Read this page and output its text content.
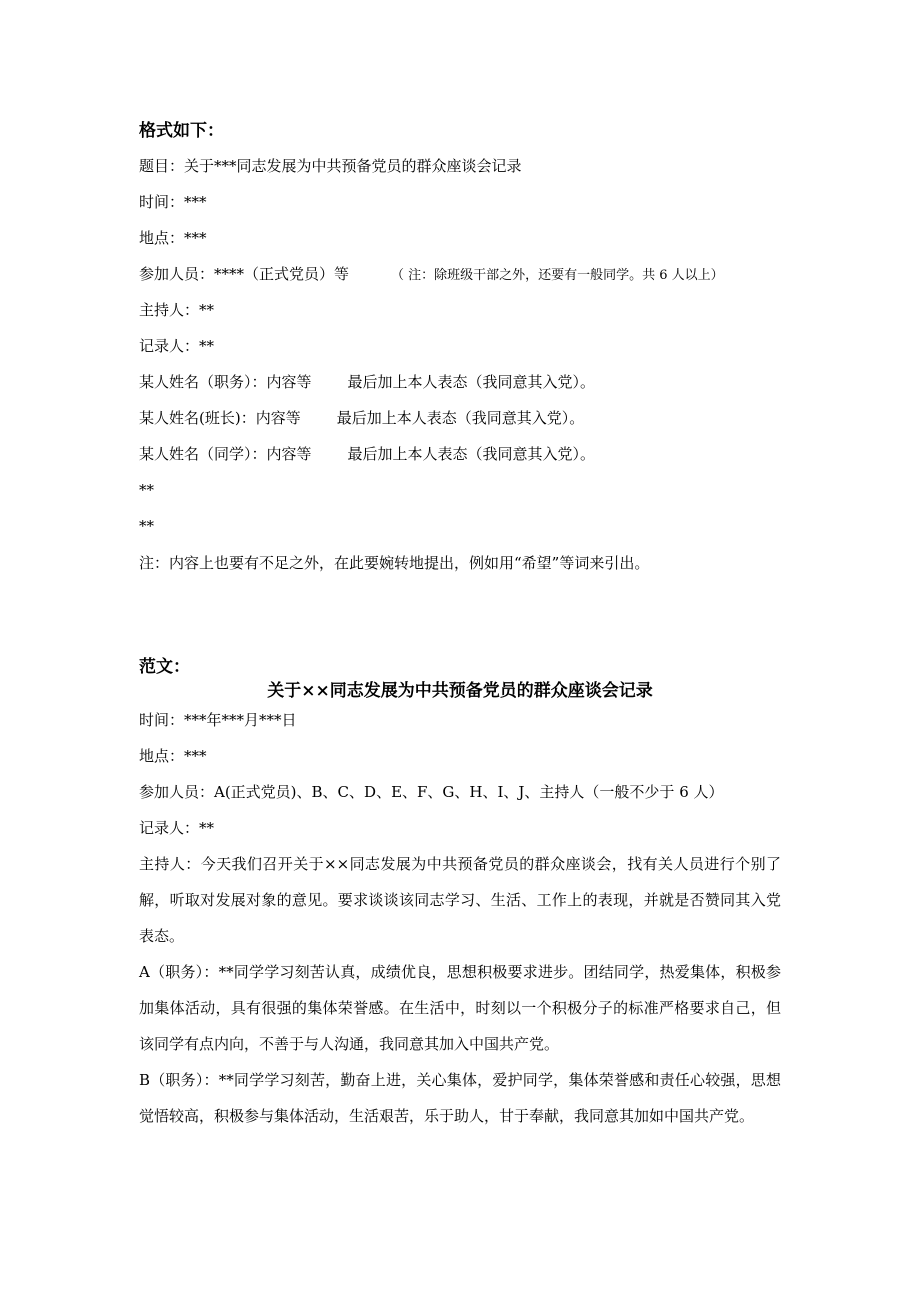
格式如下：
题目：关于***同志发展为中共预备党员的群众座谈会记录
时间：***
地点：***
参加人员：****（正式党员）等	（ 注：除班级干部之外，还要有一般同学。共 6 人以上）
主持人：**
记录人：**
某人姓名（职务）：内容等 最后加上本人表态（我同意其入党）。
某人姓名(班长)：内容等 最后加上本人表态（我同意其入党）。
某人姓名（同学）：内容等 最后加上本人表态（我同意其入党）。
**
**
注：内容上也要有不足之外，在此要婉转地提出，例如用“希望”等词来引出。
范文：
关于××同志发展为中共预备党员的群众座谈会记录
时间：***年***月***日
地点：***
参加人员：A(正式党员)、B、C、D、E、F、G、H、I、J、主持人（一般不少于 6 人）
记录人：**
主持人：今天我们召开关于××同志发展为中共预备党员的群众座谈会，找有关人员进行个别了解，听取对发展对象的意见。要求谈谈该同志学习、生活、工作上的表现，并就是否赞同其入党表态。
A（职务）：**同学学习刻苦认真，成绩优良，思想积极要求进步。团结同学，热爱集体，积极参加集体活动，具有很强的集体荣誉感。在生活中，时刻以一个积极分子的标准严格要求自己，但该同学有点内向，不善于与人沟通，我同意其加入中国共产党。
B（职务）：**同学学习刻苦，勤奋上进，关心集体，爱护同学，集体荣誉感和责任心较强，思想觉悟较高，积极参与集体活动，生活艰苦，乐于助人，甘于奉献，我同意其加如中国共产党。
